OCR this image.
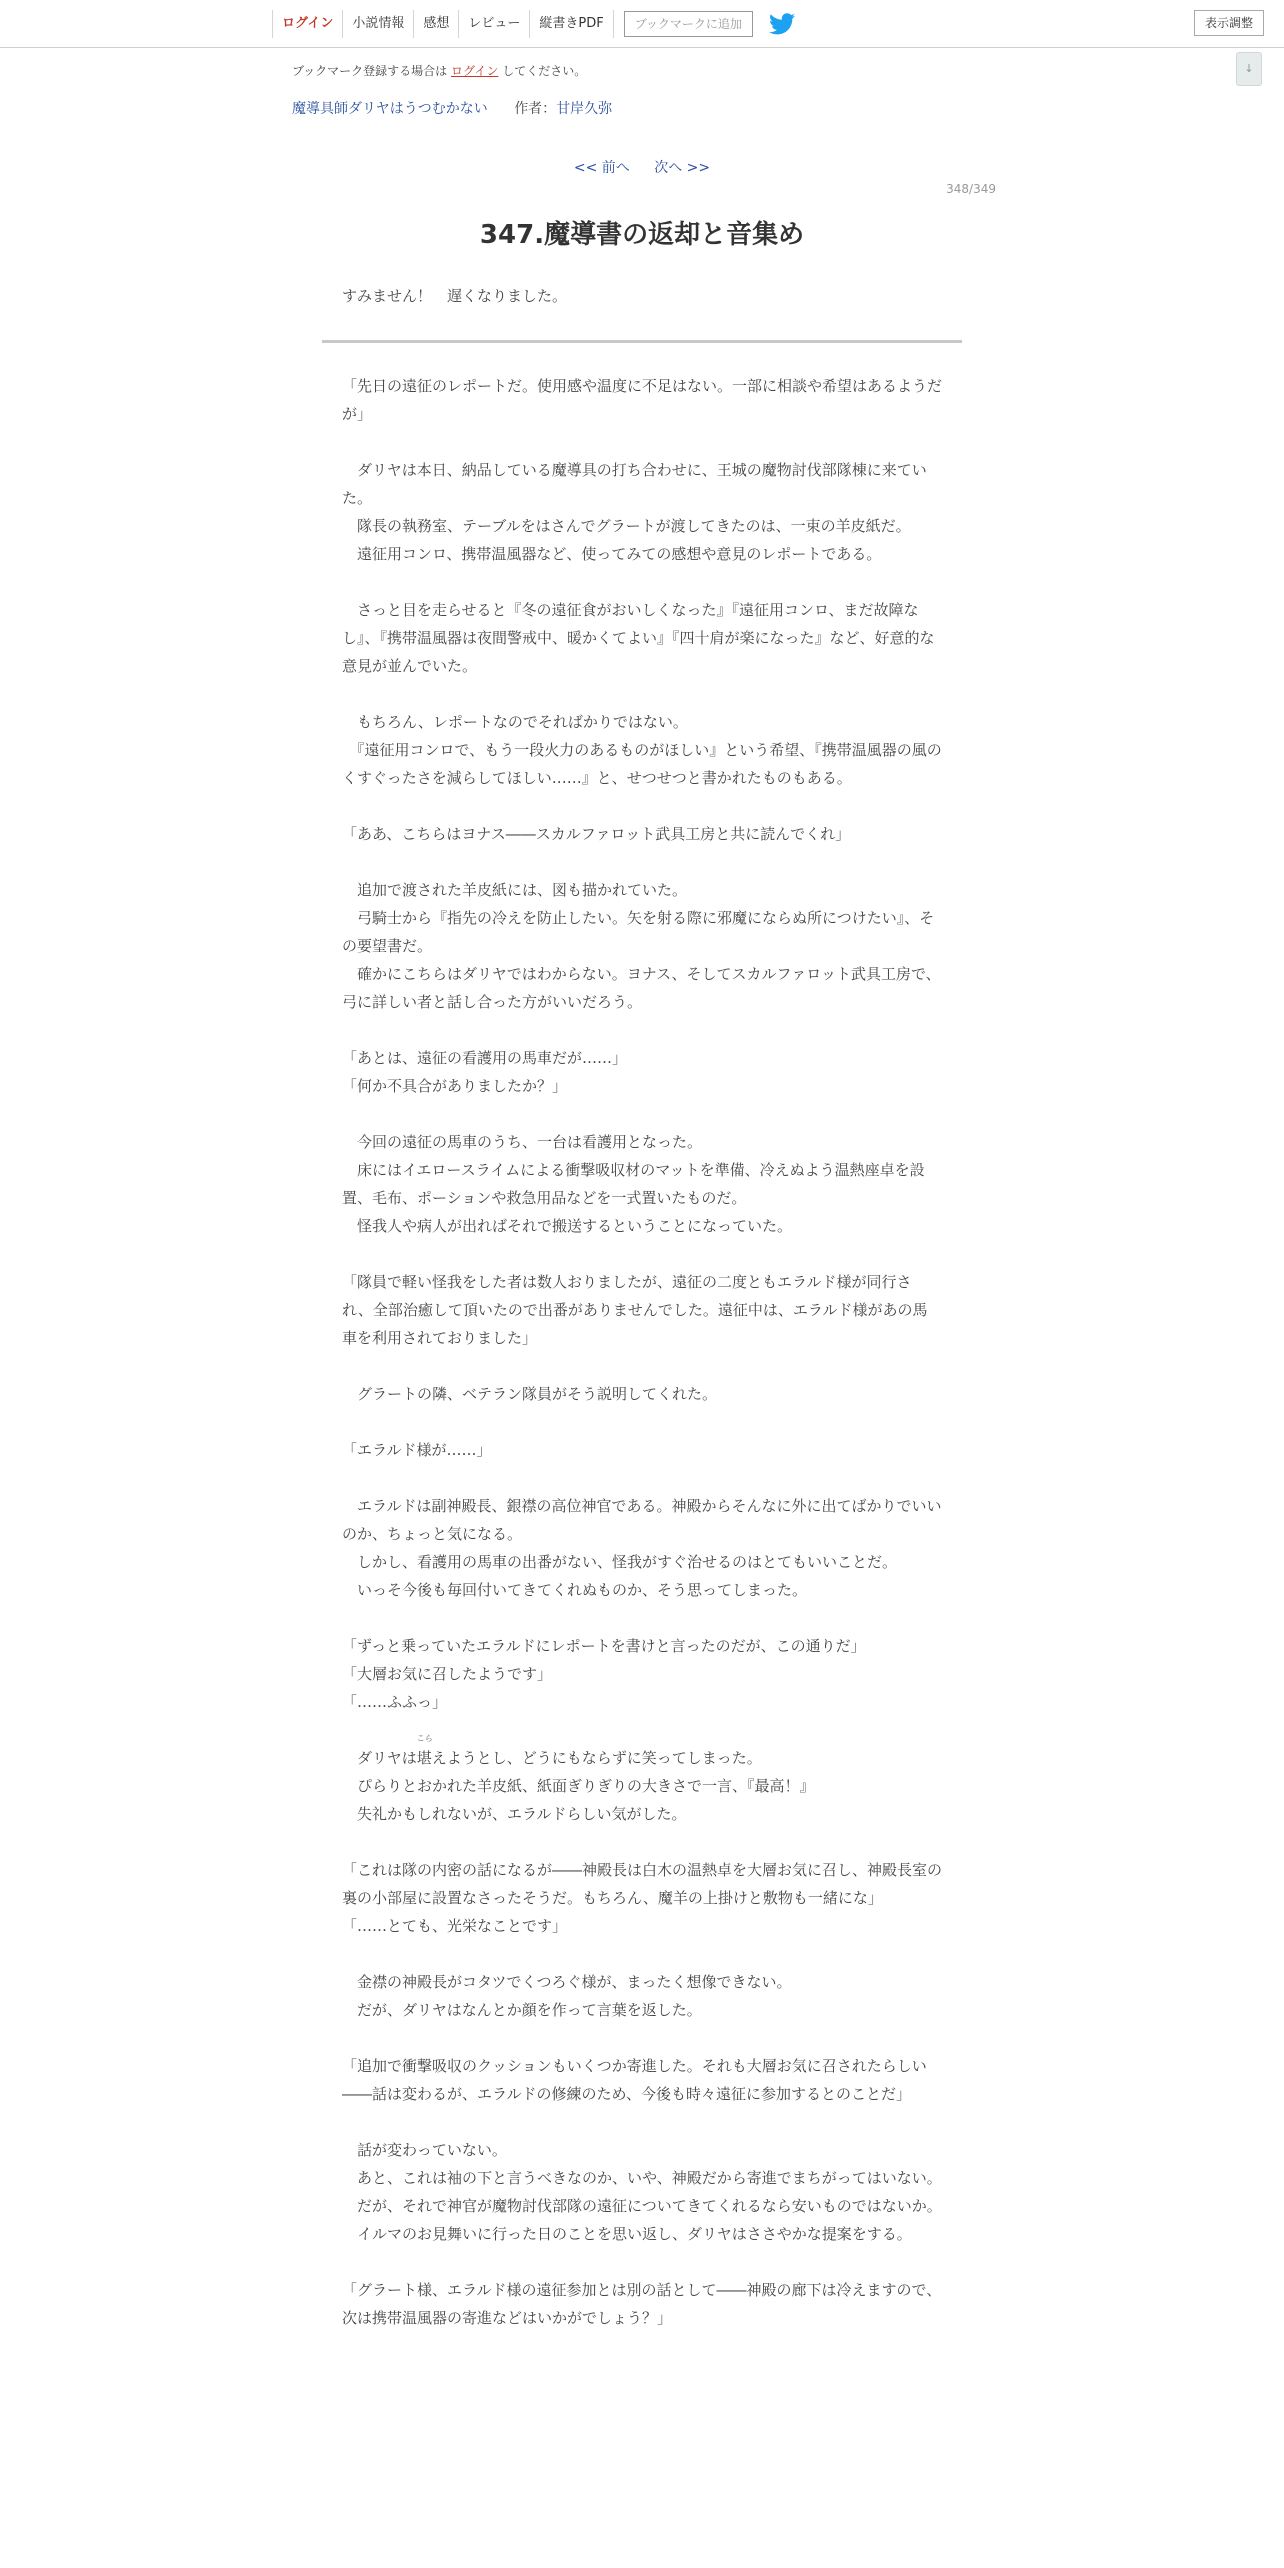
ログイン	小説情報	感想	レビュー	縦書きPDF	ブックマークに追加	表示調整
↓
ブックマーク登録する場合は ログイン してください。
魔導具師ダリヤはうつむかない 作者：甘岸久弥
<< 前へ 次へ >>
348/349
347.魔導書の返却と音集め
すみません！　遅くなりました。

「先日の遠征のレポートだ。使用感や温度に不足はない。一部に相談や希望はあるようだが」

　ダリヤは本日、納品している魔導具の打ち合わせに、王城の魔物討伐部隊棟に来ていた。

　隊長の執務室、テーブルをはさんでグラートが渡してきたのは、一束の羊皮紙だ。

　遠征用コンロ、携帯温風器など、使ってみての感想や意見のレポートである。

　さっと目を走らせると『冬の遠征食がおいしくなった』『遠征用コンロ、まだ故障なし』、『携帯温風器は夜間警戒中、暖かくてよい』『四十肩が楽になった』など、好意的な意見が並んでいた。

　もちろん、レポートなのでそればかりではない。

　『遠征用コンロで、もう一段火力のあるものがほしい』という希望、『携帯温風器の風のくすぐったさを減らしてほしい……』と、せつせつと書かれたものもある。

「ああ、こちらはヨナス――スカルファロット武具工房と共に読んでくれ」

　追加で渡された羊皮紙には、図も描かれていた。

　弓騎士から『指先の冷えを防止したい。矢を射る際に邪魔にならぬ所につけたい』、その要望書だ。

　確かにこちらはダリヤではわからない。ヨナス、そしてスカルファロット武具工房で、弓に詳しい者と話し合った方がいいだろう。

「あとは、遠征の看護用の馬車だが……」

「何か不具合がありましたか？」

　今回の遠征の馬車のうち、一台は看護用となった。

　床にはイエロースライムによる衝撃吸収材のマットを準備、冷えぬよう温熱座卓を設置、毛布、ポーションや救急用品などを一式置いたものだ。

　怪我人や病人が出ればそれで搬送するということになっていた。

「隊員で軽い怪我をした者は数人おりましたが、遠征の二度ともエラルド様が同行され、全部治癒して頂いたので出番がありませんでした。遠征中は、エラルド様があの馬車を利用されておりました」

　グラートの隣、ベテラン隊員がそう説明してくれた。

「エラルド様が……」

　エラルドは副神殿長、銀襟の高位神官である。神殿からそんなに外に出てばかりでいいのか、ちょっと気になる。

　しかし、看護用の馬車の出番がない、怪我がすぐ治せるのはとてもいいことだ。

　いっそ今後も毎回付いてきてくれぬものか、そう思ってしまった。

「ずっと乗っていたエラルドにレポートを書けと言ったのだが、この通りだ」

「大層お気に召したようです」

「……ふふっ」

　ダリヤは
こら
堪えようとし、どうにもならずに笑ってしまった。

　ぴらりとおかれた羊皮紙、紙面ぎりぎりの大きさで一言、『最高！』

　失礼かもしれないが、エラルドらしい気がした。

「これは隊の内密の話になるが――神殿長は白木の温熱卓を大層お気に召し、神殿長室の裏の小部屋に設置なさったそうだ。もちろん、魔羊の上掛けと敷物も一緒にな」

「……とても、光栄なことです」

　金襟の神殿長がコタツでくつろぐ様が、まったく想像できない。

　だが、ダリヤはなんとか顔を作って言葉を返した。

「追加で衝撃吸収のクッションもいくつか寄進した。それも大層お気に召されたらしい――話は変わるが、エラルドの修練のため、今後も時々遠征に参加するとのことだ」

　話が変わっていない。

　あと、これは袖の下と言うべきなのか、いや、神殿だから寄進でまちがってはいない。

　だが、それで神官が魔物討伐部隊の遠征についてきてくれるなら安いものではないか。

　イルマのお見舞いに行った日のことを思い返し、ダリヤはささやかな提案をする。

「グラート様、エラルド様の遠征参加とは別の話として――神殿の廊下は冷えますので、次は携帯温風器の寄進などはいかがでしょう？」
